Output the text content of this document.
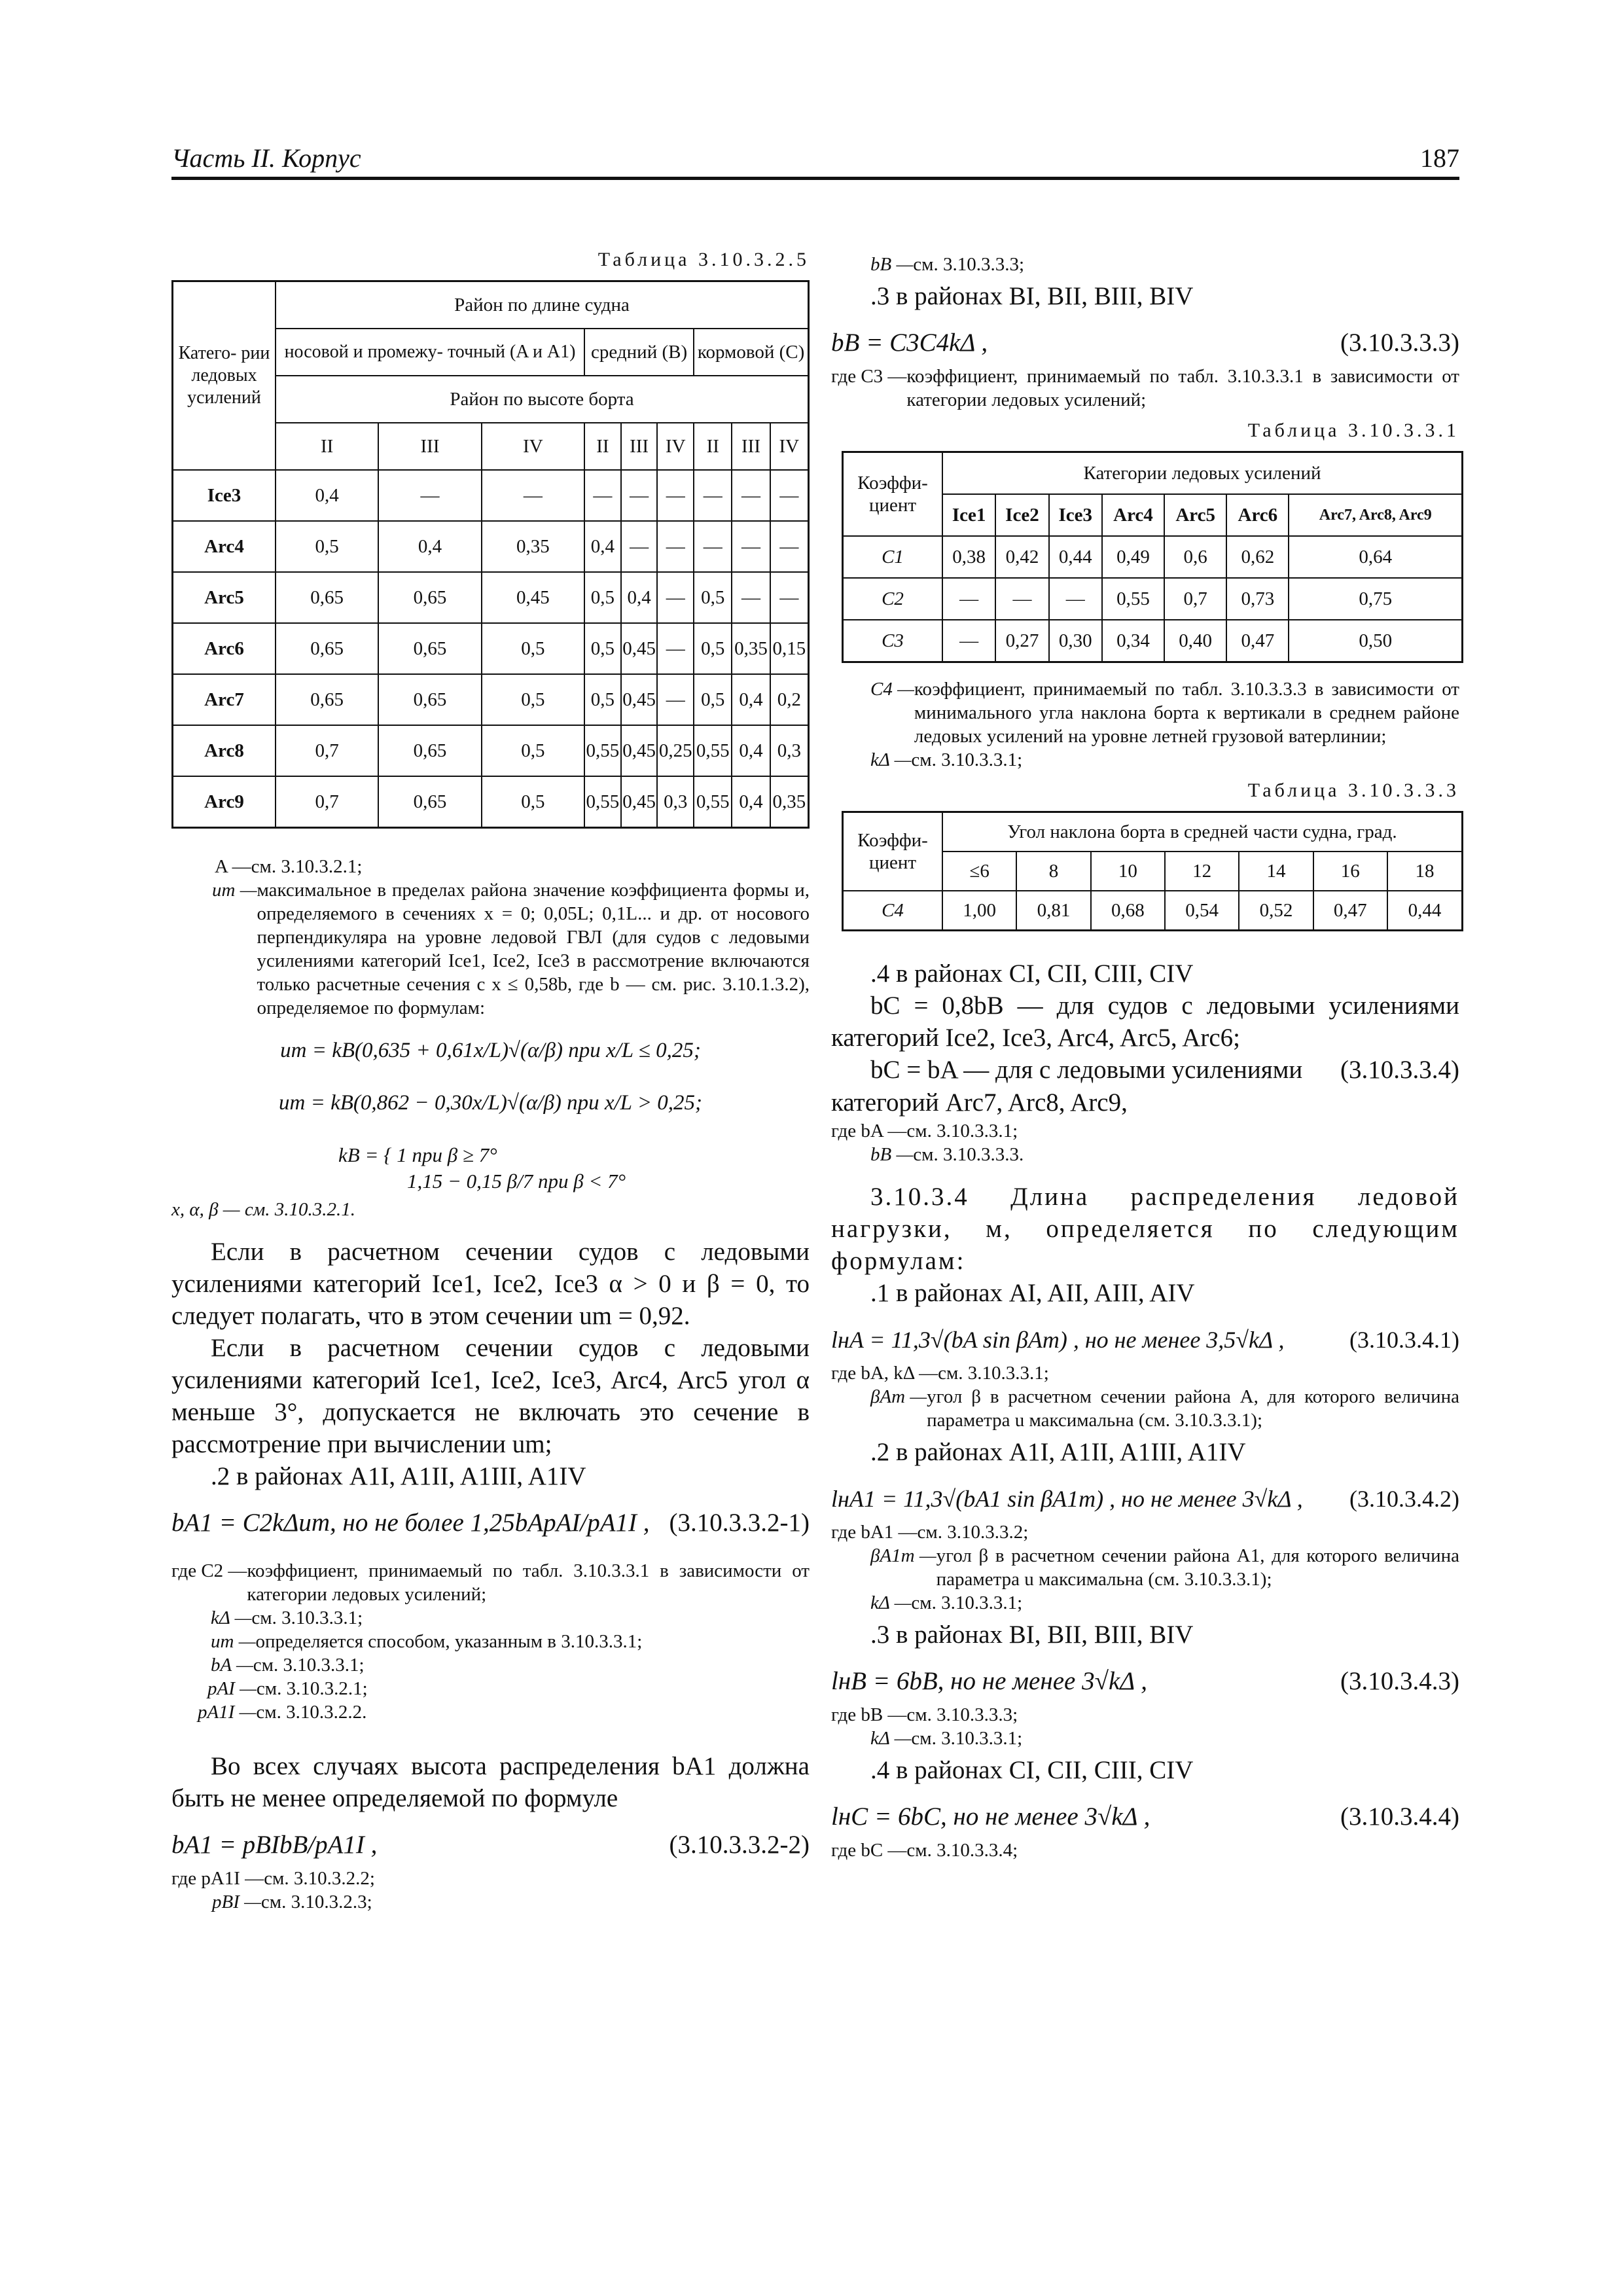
Часть II. Корпус	187
Таблица 3.10.3.2.5
Катего- рии ледовых усилений	Район по длине судна								
	носовой и промежу- точный (A и A1)			средний (B)			кормовой (C)		
	Район по высоте борта								
	II	III	IV	II	III	IV	II	III	IV
Ice3	0,4	—	—	—	—	—	—	—	—
Arc4	0,5	0,4	0,35	0,4	—	—	—	—	—
Arc5	0,65	0,65	0,45	0,5	0,4	—	0,5	—	—
Arc6	0,65	0,65	0,5	0,5	0,45	—	0,5	0,35	0,15
Arc7	0,65	0,65	0,5	0,5	0,45	—	0,5	0,4	0,2
Arc8	0,7	0,65	0,5	0,55	0,45	0,25	0,55	0,4	0,3
Arc9	0,7	0,65	0,5	0,55	0,45	0,3	0,55	0,4	0,35
A — см. 3.10.3.2.1;
um — максимальное в пределах района значение коэффициента формы и, определяемого в сечениях x = 0; 0,05L; 0,1L... и др. от носового перпендикуляра на уровне ледовой ГВЛ (для судов с ледовыми усилениями категорий Ice1, Ice2, Ice3 в рассмотрение включаются только расчетные сечения с x ≤ 0,58b, где b — см. рис. 3.10.1.3.2), определяемое по формулам:
um = kB(0,635 + 0,61x/L)√(α/β) при x/L ≤ 0,25;
um = kB(0,862 − 0,30x/L)√(α/β) при x/L > 0,25;
kB = { 1 при β ≥ 7°
1,15 − 0,15 β/7 при β < 7°
x, α, β — см. 3.10.3.2.1.
Если в расчетном сечении судов с ледовыми усилениями категорий Ice1, Ice2, Ice3 α > 0 и β = 0, то следует полагать, что в этом сечении um = 0,92.
Если в расчетном сечении судов с ледовыми усилениями категорий Ice1, Ice2, Ice3, Arc4, Arc5 угол α меньше 3°, допускается не включать это сечение в рассмотрение при вычислении um;
.2 в районах A1I, A1II, A1III, A1IV
bA1 = C2kΔum, но не более 1,25bApAI/pA1I , (3.10.3.3.2-1)
где C2 — коэффициент, принимаемый по табл. 3.10.3.3.1 в зависимости от категории ледовых усилений;
kΔ — см. 3.10.3.3.1;
um — определяется способом, указанным в 3.10.3.3.1;
bA — см. 3.10.3.3.1;
pAI — см. 3.10.3.2.1;
pA1I — см. 3.10.3.2.2.
Во всех случаях высота распределения bA1 должна быть не менее определяемой по формуле
bA1 = pBIbB/pA1I ,	(3.10.3.3.2-2)
где pA1I — см. 3.10.3.2.2;
pBI — см. 3.10.3.2.3;
bB — см. 3.10.3.3.3;
.3 в районах BI, BII, BIII, BIV
bB = C3C4kΔ ,	(3.10.3.3.3)
где C3 — коэффициент, принимаемый по табл. 3.10.3.3.1 в зависимости от категории ледовых усилений;
Таблица 3.10.3.3.1
Коэффи- циент	Категории ледовых усилений						
	Ice1	Ice2	Ice3	Arc4	Arc5	Arc6	Arc7, Arc8, Arc9
C1	0,38	0,42	0,44	0,49	0,6	0,62	0,64
C2	—	—	—	0,55	0,7	0,73	0,75
C3	—	0,27	0,30	0,34	0,40	0,47	0,50
C4 — коэффициент, принимаемый по табл. 3.10.3.3.3 в зависимости от минимального угла наклона борта к вертикали в среднем районе ледовых усилений на уровне летней грузовой ватерлинии;
kΔ — см. 3.10.3.3.1;
Таблица 3.10.3.3.3
Коэффи- циент	Угол наклона борта в средней части судна, град.						
	≤6	8	10	12	14	16	18
C4	1,00	0,81	0,68	0,54	0,52	0,47	0,44
.4 в районах CI, CII, CIII, CIV
bC = 0,8bB — для судов с ледовыми усилениями категорий Ice2, Ice3, Arc4, Arc5, Arc6;
bC = bA — для с ледовыми усилениями категорий Arc7, Arc8, Arc9,
(3.10.3.3.4)
где bA — см. 3.10.3.3.1;
bB — см. 3.10.3.3.3.
3.10.3.4 Длина распределения ледовой нагрузки, м, определяется по следующим формулам:
.1 в районах AI, AII, AIII, AIV
lнA = 11,3√(bA sin βAm) , но не менее 3,5√kΔ ,	(3.10.3.4.1)
где bA, kΔ — см. 3.10.3.3.1;
βAm — угол β в расчетном сечении района A, для которого величина параметра u максимальна (см. 3.10.3.3.1);
.2 в районах A1I, A1II, A1III, A1IV
lнA1 = 11,3√(bA1 sin βA1m) , но не менее 3√kΔ , (3.10.3.4.2)
где bA1 — см. 3.10.3.3.2;
βA1m — угол β в расчетном сечении района A1, для которого величина параметра u максимальна (см. 3.10.3.3.1);
kΔ — см. 3.10.3.3.1;
.3 в районах BI, BII, BIII, BIV
lнB = 6bB, но не менее 3√kΔ ,	(3.10.3.4.3)
где bB — см. 3.10.3.3.3;
kΔ — см. 3.10.3.3.1;
.4 в районах CI, CII, CIII, CIV
lнC = 6bC, но не менее 3√kΔ ,	(3.10.3.4.4)
где bC — см. 3.10.3.3.4;
